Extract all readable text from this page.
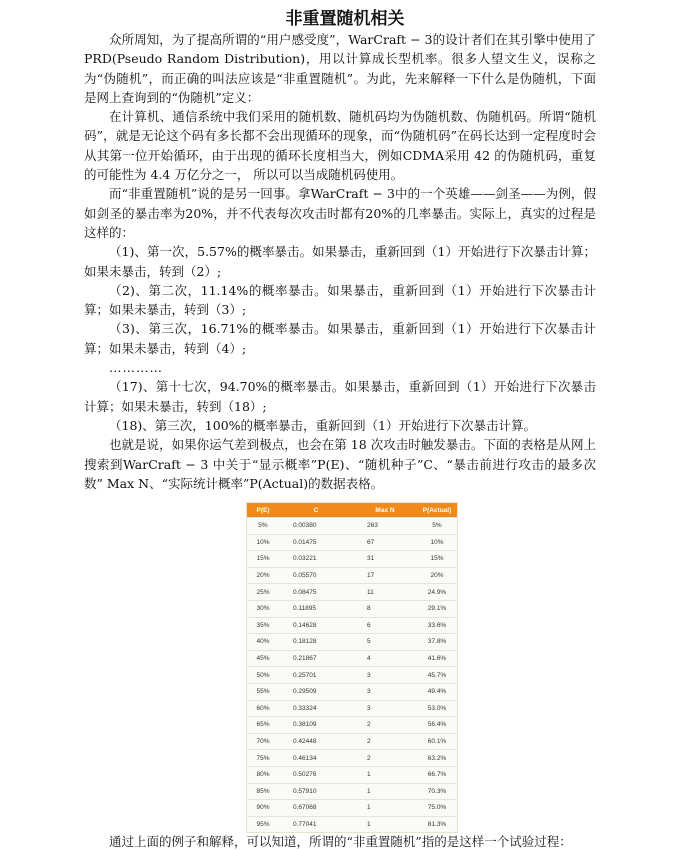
非重置随机相关

众所周知，为了提高所谓的“用户感受度”，WarCraft − 3的设计者们在其引擎中使用了PRD(Pseudo Random Distribution)，用以计算成长型机率。很多人望文生义，误称之为“伪随机”，而正确的叫法应该是“非重置随机”。为此，先来解释一下什么是伪随机，下面是网上查询到的“伪随机”定义：

在计算机、通信系统中我们采用的随机数、随机码均为伪随机数、伪随机码。所谓“随机码”，就是无论这个码有多长都不会出现循环的现象，而“伪随机码”在码长达到一定程度时会从其第一位开始循环，由于出现的循环长度相当大，例如CDMA采用 42 的伪随机码，重复的可能性为 4.4 万亿分之一， 所以可以当成随机码使用。

而“非重置随机”说的是另一回事。拿WarCraft − 3中的一个英雄——剑圣——为例，假如剑圣的暴击率为20%，并不代表每次攻击时都有20%的几率暴击。实际上，真实的过程是这样的：

（1)、第一次，5.57%的概率暴击。如果暴击，重新回到（1）开始进行下次暴击计算；如果未暴击，转到（2）;

（2)、第二次，11.14%的概率暴击。如果暴击，重新回到（1）开始进行下次暴击计算；如果未暴击，转到（3）;

（3)、第三次，16.71%的概率暴击。如果暴击，重新回到（1）开始进行下次暴击计算；如果未暴击，转到（4）;

…………

（17)、第十七次，94.70%的概率暴击。如果暴击，重新回到（1）开始进行下次暴击计算；如果未暴击，转到（18）;

（18)、第三次，100%的概率暴击，重新回到（1）开始进行下次暴击计算。

也就是说，如果你运气差到极点，也会在第 18 次攻击时触发暴击。下面的表格是从网上搜索到WarCraft − 3 中关于“显示概率”P(E)、“随机种子”C、“暴击前进行攻击的最多次数” Max N、“实际统计概率”P(Actual)的数据表格。

P(E)	C	Max N	P(Actual)
5%	0.00380	263	5%
10%	0.01475	67	10%
15%	0.03221	31	15%
20%	0.05570	17	20%
25%	0.08475	11	24.9%
30%	0.11895	8	29.1%
35%	0.14628	6	33.6%
40%	0.18128	5	37.8%
45%	0.21867	4	41.6%
50%	0.25701	3	45.7%
55%	0.29509	3	49.4%
60%	0.33324	3	53.0%
65%	0.38109	2	56.4%
70%	0.42448	2	60.1%
75%	0.46134	2	63.2%
80%	0.50276	1	66.7%
85%	0.57910	1	70.3%
90%	0.67068	1	75.0%
95%	0.77041	1	81.3%

通过上面的例子和解释，可以知道，所谓的“非重置随机”指的是这样一个试验过程：
